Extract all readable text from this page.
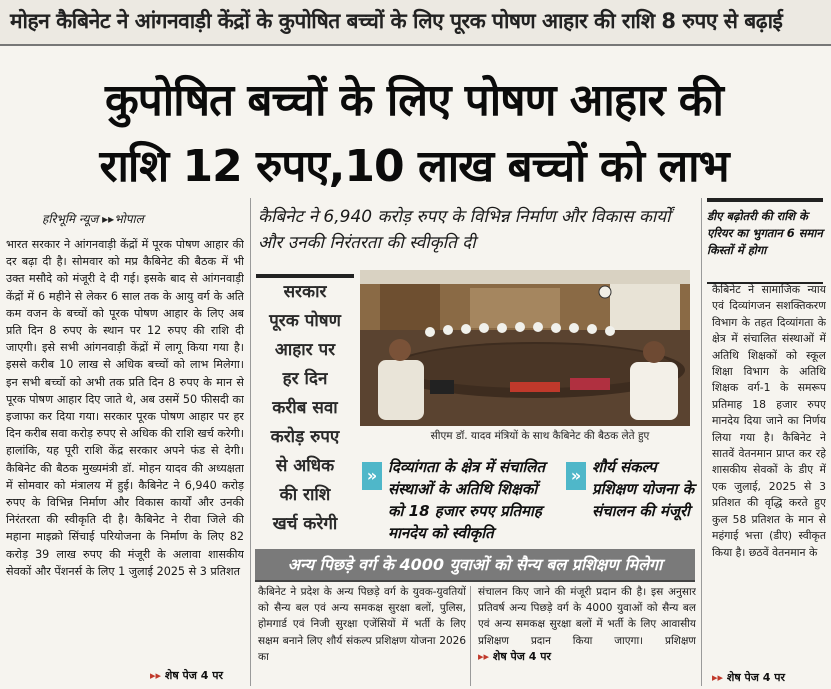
मोहन कैबिनेट ने आंगनवाड़ी केंद्रों के कुपोषित बच्चों के लिए पूरक पोषण आहार की राशि 8 रुपए से बढ़ाई
कुपोषित बच्चों के लिए पोषण आहार की
राशि 12 रुपए,10 लाख बच्चों को लाभ
हरिभूमि न्यूज ▸▸भोपाल
भारत सरकार ने आंगनवाड़ी केंद्रों में पूरक पोषण आहार की दर बढ़ा दी है। सोमवार को मप्र कैबिनेट की बैठक में भी उक्त मसौदे को मंजूरी दे दी गई। इसके बाद से आंगनवाड़ी केंद्रों में 6 महीने से लेकर 6 साल तक के आयु वर्ग के अति कम वजन के बच्चों को पूरक पोषण आहार के लिए अब प्रति दिन 8 रुपए के स्थान पर 12 रुपए की राशि दी जाएगी। इसे सभी आंगनवाड़ी केंद्रों में लागू किया गया है। इससे करीब 10 लाख से अधिक बच्चों को लाभ मिलेगा। इन सभी बच्चों को अभी तक प्रति दिन 8 रुपए के मान से पूरक पोषण आहार दिए जाते थे, अब उसमें 50 फीसदी का इजाफा कर दिया गया। सरकार पूरक पोषण आहार पर हर दिन करीब सवा करोड़ रुपए से अधिक की राशि खर्च करेगी। हालांकि, यह पूरी राशि केंद्र सरकार अपने फंड से देगी। कैबिनेट की बैठक मुख्यमंत्री डॉ. मोहन यादव की अध्यक्षता में सोमवार को मंत्रालय में हुई। कैबिनेट ने 6,940 करोड़ रुपए के विभिन्न निर्माण और विकास कार्यों और उनकी निरंतरता की स्वीकृति दी है। कैबिनेट ने रीवा जिले की महाना माइक्रो सिंचाई परियोजना के निर्माण के लिए 82 करोड़ 39 लाख रुपए की मंजूरी के अलावा शासकीय सेवकों और पेंशनर्स के लिए 1 जुलाई 2025 से 3 प्रतिशत
▸▸ शेष पेज 4 पर
कैबिनेट ने 6,940 करोड़ रुपए के विभिन्न निर्माण और विकास कार्यों और उनकी निरंतरता की स्वीकृति दी
सरकार
पूरक पोषण
आहार पर
हर दिन
करीब सवा
करोड़ रुपए
से अधिक
की राशि
खर्च करेगी
सीएम डॉ. यादव मंत्रियों के साथ कैबिनेट की बैठक लेते हुए
» दिव्यांगता के क्षेत्र में संचालित संस्थाओं के अतिथि शिक्षकों को 18 हजार रुपए प्रतिमाह मानदेय को स्वीकृति
» शौर्य संकल्प प्रशिक्षण योजना के संचालन की मंजूरी
अन्य पिछड़े वर्ग के 4000 युवाओं को सैन्य बल प्रशिक्षण मिलेगा
कैबिनेट ने प्रदेश के अन्य पिछड़े वर्ग के युवक-युवतियों को सैन्य बल एवं अन्य समकक्ष सुरक्षा बलों, पुलिस, होमगार्ड एवं निजी सुरक्षा एजेंसियों में भर्ती के लिए सक्षम बनाने लिए शौर्य संकल्प प्रशिक्षण योजना 2026 का
संचालन किए जाने की मंजूरी प्रदान की है। इस अनुसार प्रतिवर्ष अन्य पिछड़े वर्ग के 4000 युवाओं को सैन्य बल एवं अन्य समकक्ष सुरक्षा बलों में भर्ती के लिए आवासीय प्रशिक्षण प्रदान किया जाएगा। प्रशिक्षण ▸▸ शेष पेज 4 पर
डीए बढ़ोतरी की राशि के एरियर का भुगतान 6 समान किस्तों में होगा
कैबिनेट ने सामाजिक न्याय एवं दिव्यांगजन सशक्तिकरण विभाग के तहत दिव्यांगता के क्षेत्र में संचालित संस्थाओं में अतिथि शिक्षकों को स्कूल शिक्षा विभाग के अतिथि शिक्षक वर्ग-1 के समरूप प्रतिमाह 18 हजार रुपए मानदेय दिया जाने का निर्णय लिया गया है। कैबिनेट ने सातवें वेतनमान प्राप्त कर रहे शासकीय सेवकों के डीए में एक जुलाई, 2025 से 3 प्रतिशत की वृद्धि करते हुए कुल 58 प्रतिशत के मान से महंगाई भत्ता (डीए) स्वीकृत किया है। छठवें वेतनमान के
▸▸ शेष पेज 4 पर
